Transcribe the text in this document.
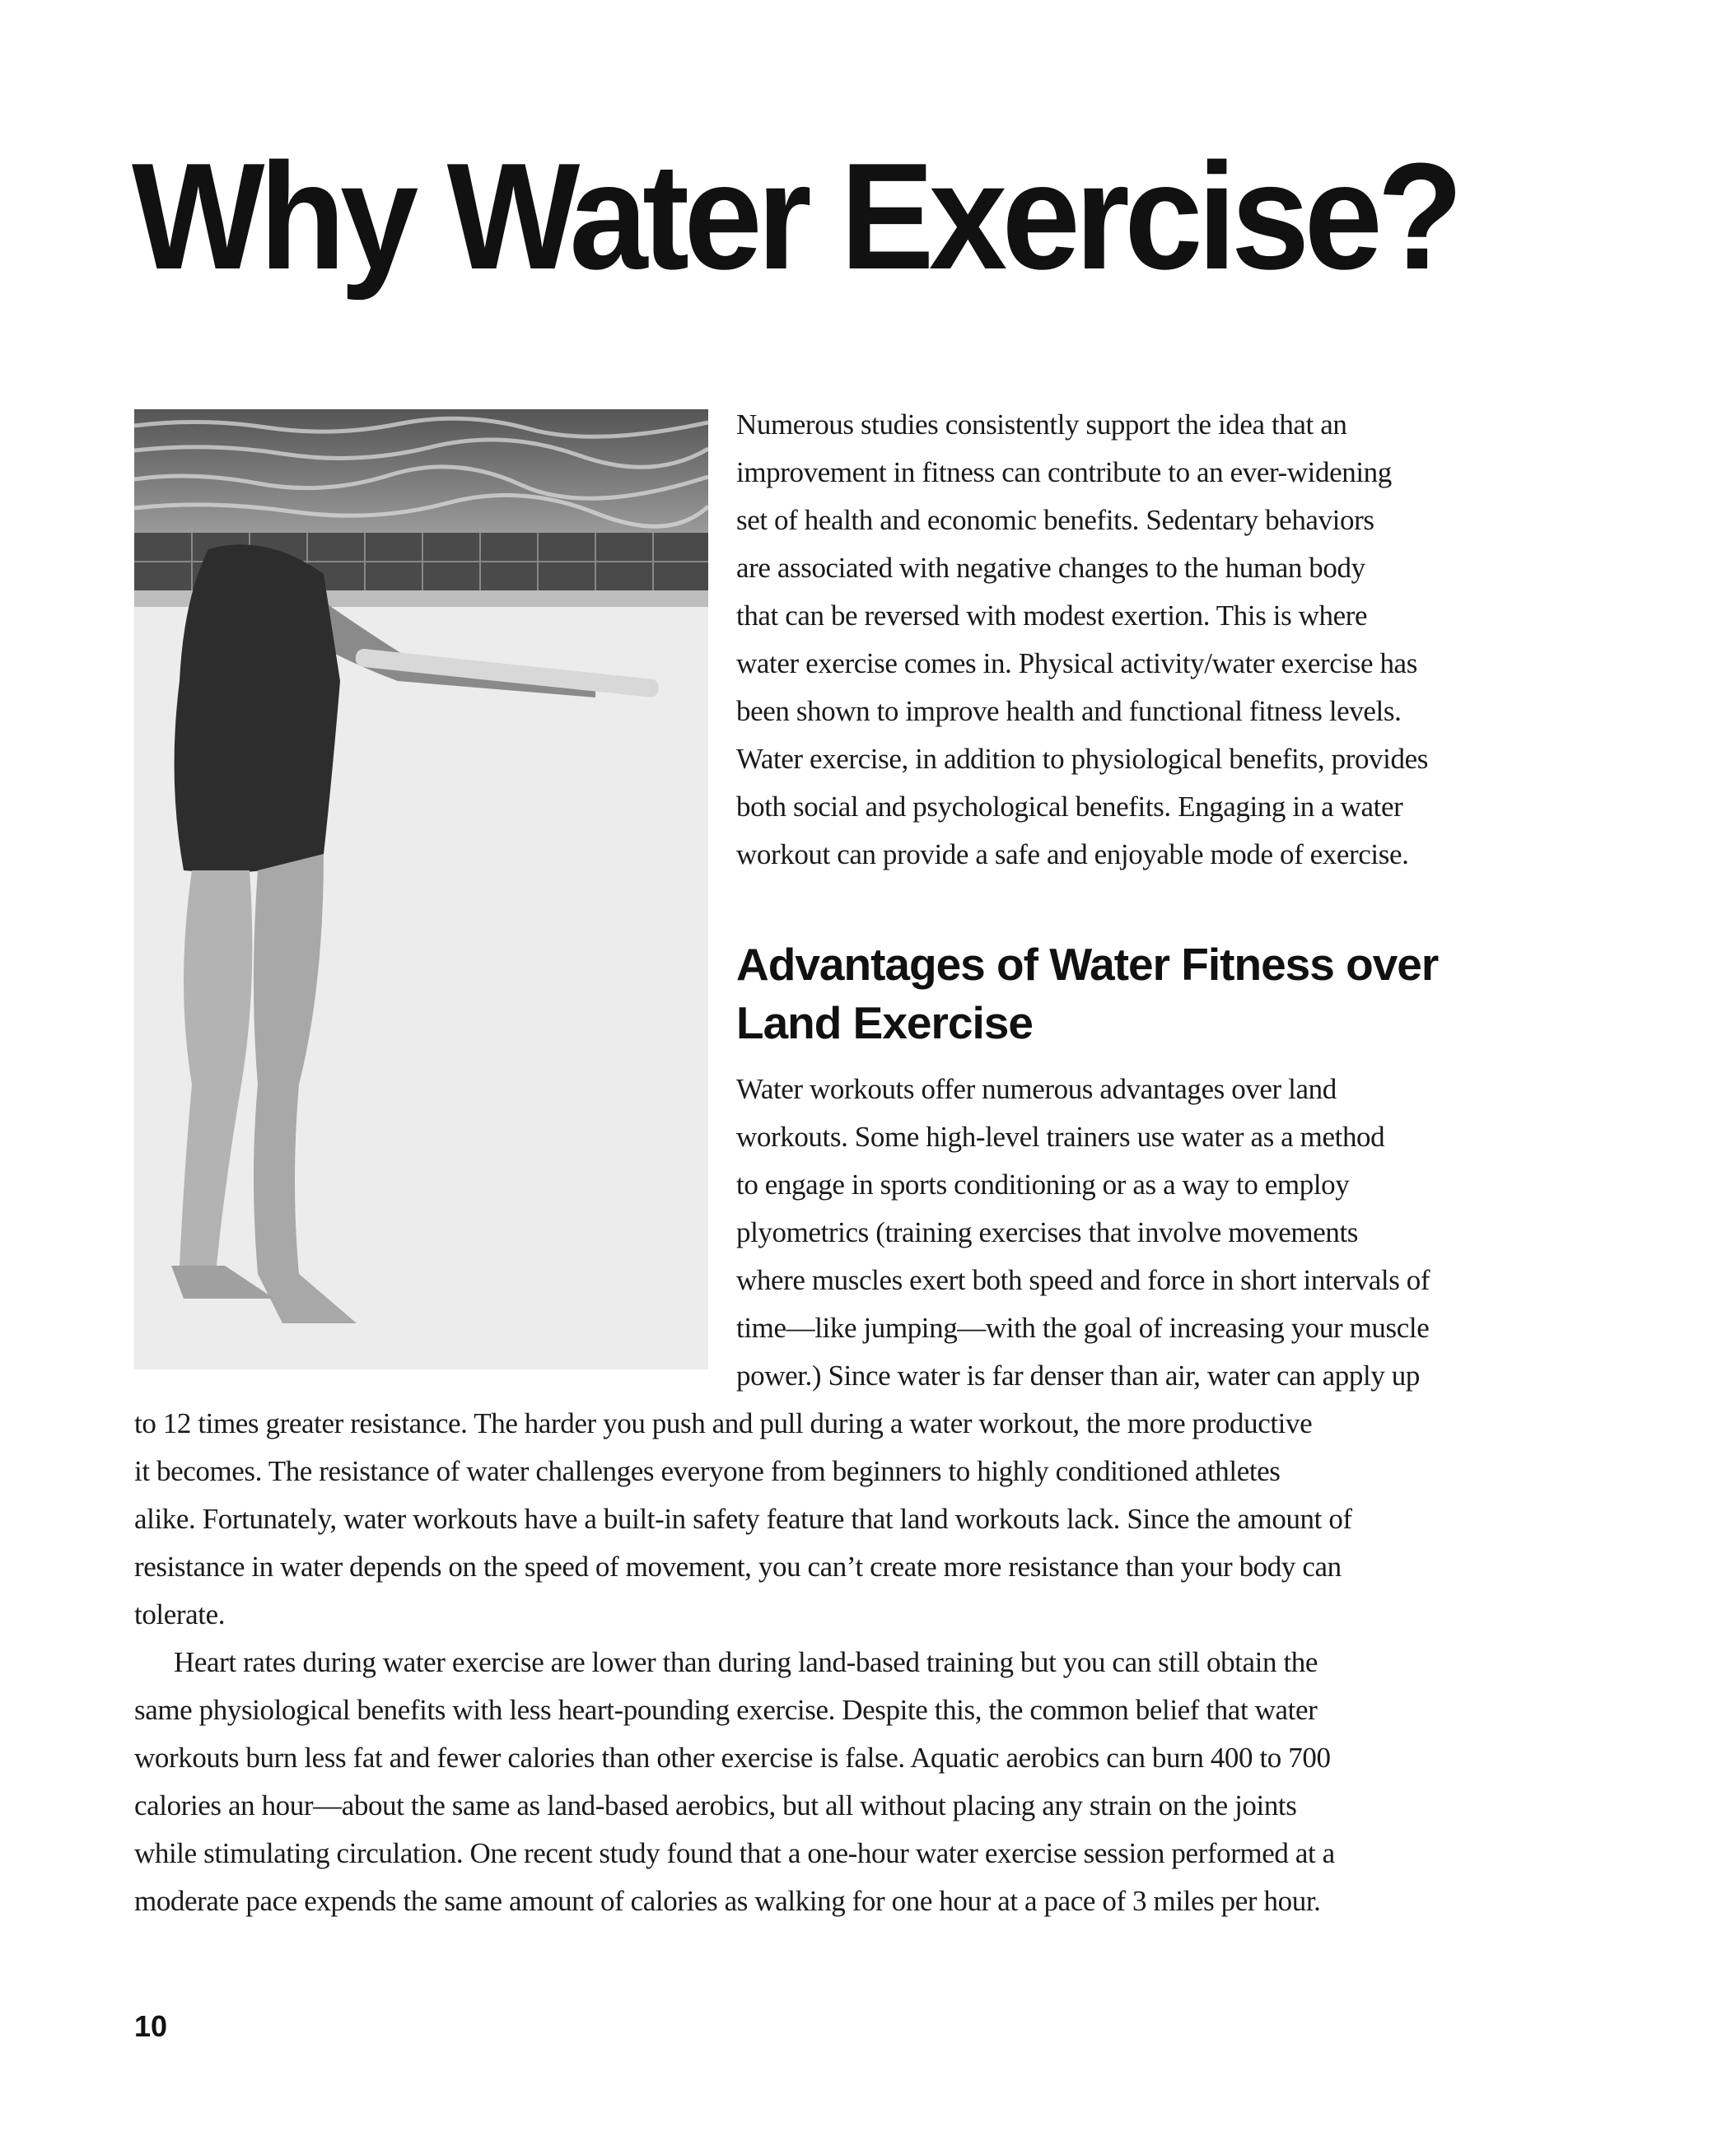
Why Water Exercise?
Numerous studies consistently support the idea that an
improvement in fitness can contribute to an ever-widening
set of health and economic benefits. Sedentary behaviors
are associated with negative changes to the human body
that can be reversed with modest exertion. This is where
water exercise comes in. Physical activity/water exercise has
been shown to improve health and functional fitness levels.
Water exercise, in addition to physiological benefits, provides
both social and psychological benefits. Engaging in a water
workout can provide a safe and enjoyable mode of exercise.
Advantages of Water Fitness over
Land Exercise
Water workouts offer numerous advantages over land
workouts. Some high-level trainers use water as a method
to engage in sports conditioning or as a way to employ
plyometrics (training exercises that involve movements
where muscles exert both speed and force in short intervals of
time—like jumping—with the goal of increasing your muscle
power.) Since water is far denser than air, water can apply up
to 12 times greater resistance. The harder you push and pull during a water workout, the more productive
it becomes. The resistance of water challenges everyone from beginners to highly conditioned athletes
alike. Fortunately, water workouts have a built-in safety feature that land workouts lack. Since the amount of
resistance in water depends on the speed of movement, you can’t create more resistance than your body can
tolerate.
Heart rates during water exercise are lower than during land-based training but you can still obtain the
same physiological benefits with less heart-pounding exercise. Despite this, the common belief that water
workouts burn less fat and fewer calories than other exercise is false. Aquatic aerobics can burn 400 to 700
calories an hour—about the same as land-based aerobics, but all without placing any strain on the joints
while stimulating circulation. One recent study found that a one-hour water exercise session performed at a
moderate pace expends the same amount of calories as walking for one hour at a pace of 3 miles per hour.
10
